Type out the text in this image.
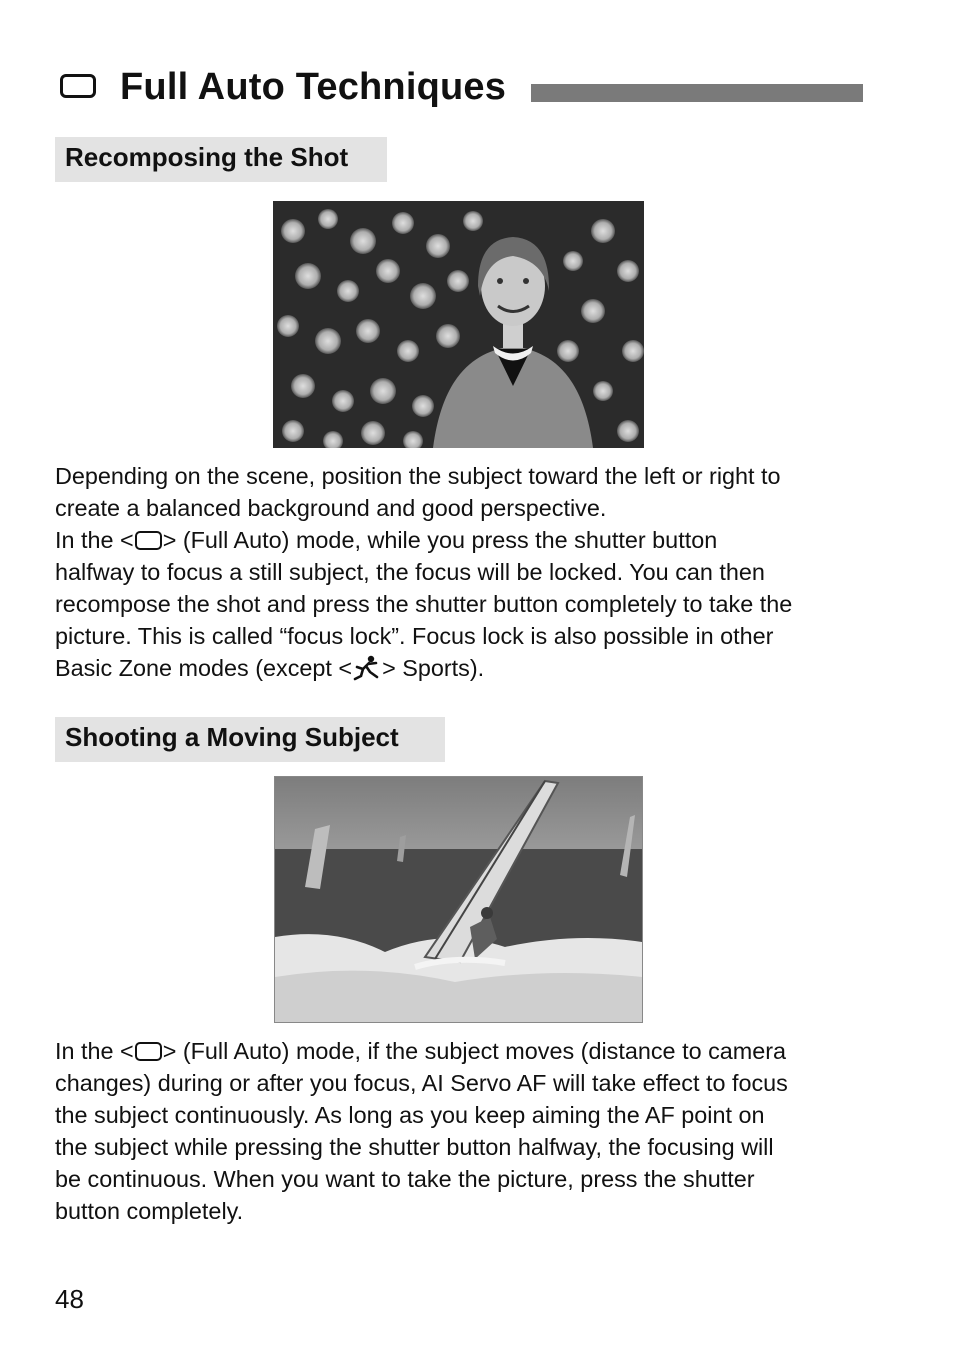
Full Auto Techniques
Recomposing the Shot
Depending on the scene, position the subject toward the left or right to
create a balanced background and good perspective.
In the < > (Full Auto) mode, while you press the shutter button
halfway to focus a still subject, the focus will be locked. You can then
recompose the shot and press the shutter button completely to take the
picture. This is called “focus lock”. Focus lock is also possible in other
Basic Zone modes (except < > Sports).
Shooting a Moving Subject
In the < > (Full Auto) mode, if the subject moves (distance to camera
changes) during or after you focus, AI Servo AF will take effect to focus
the subject continuously. As long as you keep aiming the AF point on
the subject while pressing the shutter button halfway, the focusing will
be continuous. When you want to take the picture, press the shutter
button completely.
48
